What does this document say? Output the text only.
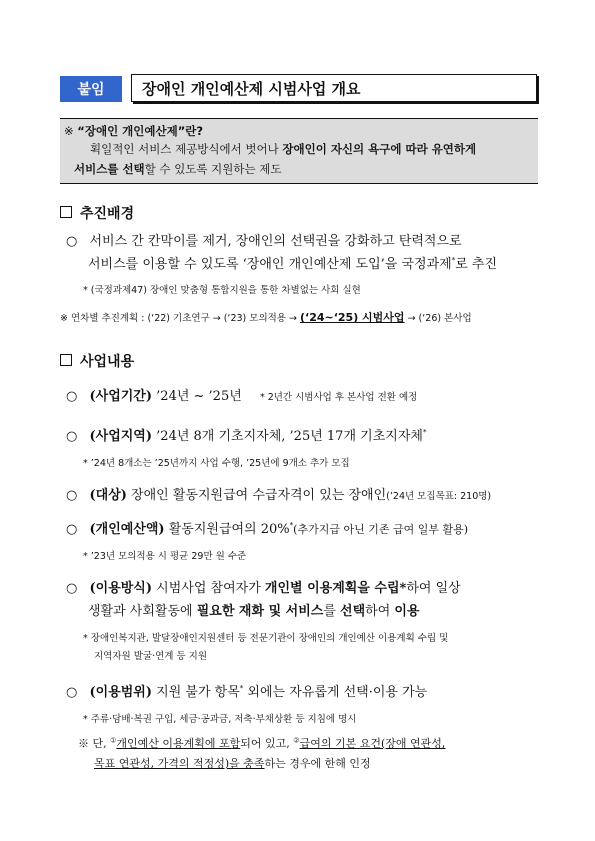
붙임	장애인 개인예산제 시범사업 개요
※ “장애인 개인예산제”란?
획일적인 서비스 제공방식에서 벗어나 장애인이 자신의 욕구에 따라 유연하게
서비스를 선택할 수 있도록 지원하는 제도
추진배경
○ 서비스 간 칸막이를 제거, 장애인의 선택권을 강화하고 탄력적으로
서비스를 이용할 수 있도록 ‘장애인 개인예산제 도입’을 국정과제*로 추진
* (국정과제47) 장애인 맞춤형 통합지원을 통한 차별없는 사회 실현
※ 연차별 추진계획 : (‘22) 기초연구 → (‘23) 모의적용 → (‘24~‘25) 시범사업 → (‘26) 본사업
사업내용
○ (사업기간) ’24년 ~ ’25년 * 2년간 시범사업 후 본사업 전환 예정
○ (사업지역) ’24년 8개 기초지자체, ’25년 17개 기초지자체*
* ’24년 8개소는 ’25년까지 사업 수행, ’25년에 9개소 추가 모집
○ (대상) 장애인 활동지원급여 수급자격이 있는 장애인(’24년 모집목표: 210명)
○ (개인예산액) 활동지원급여의 20%*(추가지급 아닌 기존 급여 일부 활용)
* ’23년 모의적용 시 평균 29만 원 수준
○ (이용방식) 시범사업 참여자가 개인별 이용계획을 수립*하여 일상
생활과 사회활동에 필요한 재화 및 서비스를 선택하여 이용
* 장애인복지관, 발달장애인지원센터 등 전문기관이 장애인의 개인예산 이용계획 수립 및
지역자원 발굴·연계 등 지원
○ (이용범위) 지원 불가 항목* 외에는 자유롭게 선택·이용 가능
* 주류·담배·복권 구입, 세금·공과금, 저축·부채상환 등 지침에 명시
※ 단, ①개인예산 이용계획에 포함되어 있고, ②급여의 기본 요건(장애 연관성,
목표 연관성, 가격의 적정성)을 충족하는 경우에 한해 인정
